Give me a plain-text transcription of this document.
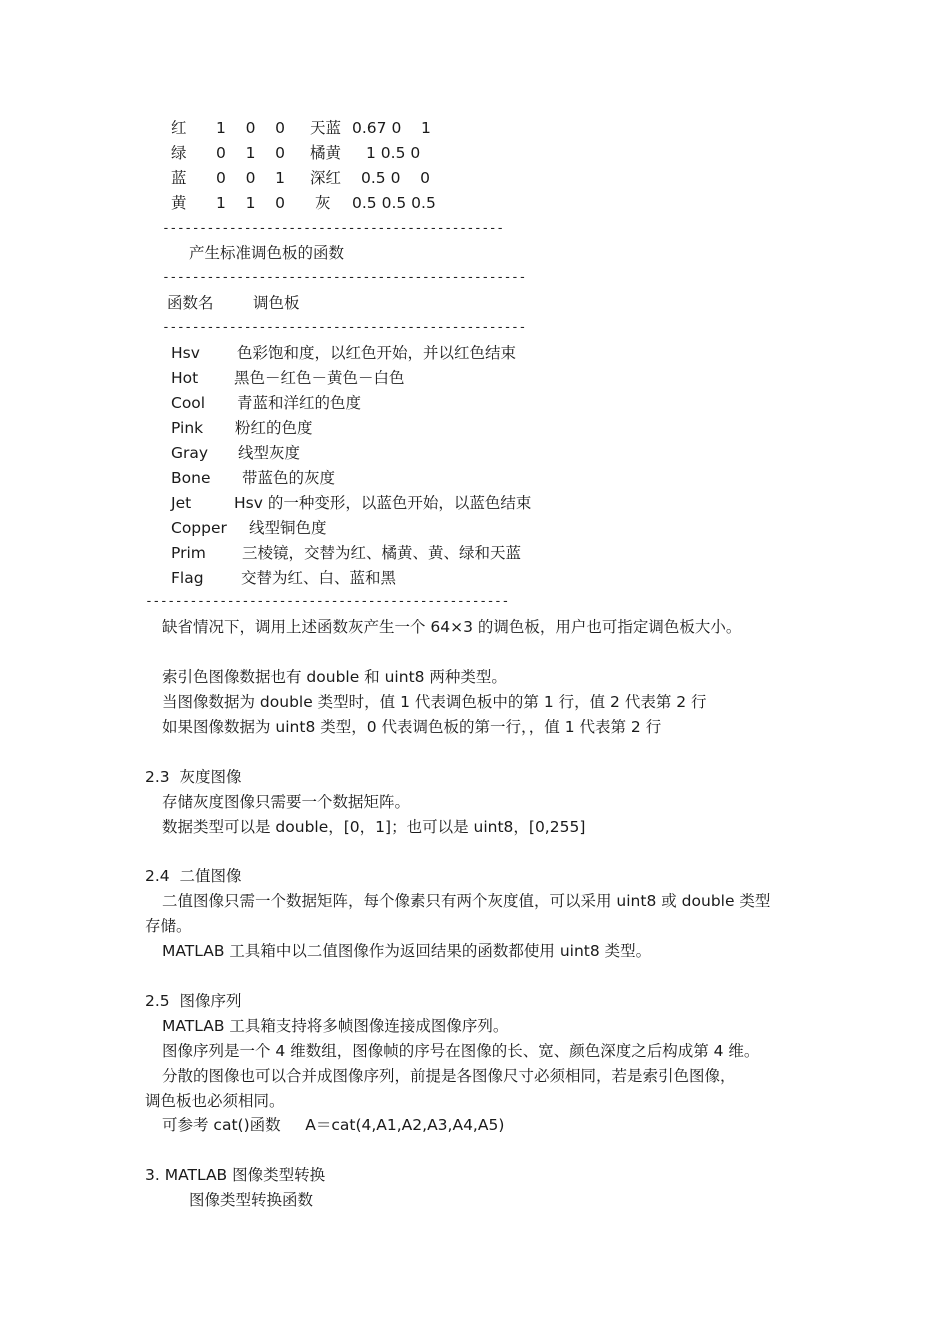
红 1    0    0 天蓝 0.67 0    1
绿 0    1    0 橘黄 1 0.5 0
蓝 0    0    1 深红 0.5 0    0
黄 1    1    0 灰 0.5 0.5 0.5
----------------------------------------------
产生标准调色板的函数
-------------------------------------------------
函数名	调色板
-------------------------------------------------
Hsv 色彩饱和度，以红色开始，并以红色结束
Hot 黑色－红色－黄色－白色
Cool 青蓝和洋红的色度
Pink 粉红的色度
Gray 线型灰度
Bone 带蓝色的灰度
Jet	Hsv 的一种变形，以蓝色开始，以蓝色结束
Copper 线型铜色度
Prim 三棱镜，交替为红、橘黄、黄、绿和天蓝
Flag 交替为红、白、蓝和黑
-------------------------------------------------
缺省情况下，调用上述函数灰产生一个 64×3 的调色板，用户也可指定调色板大小。
索引色图像数据也有 double 和 uint8 两种类型。
当图像数据为 double 类型时，值 1 代表调色板中的第 1 行，值 2 代表第 2 行
如果图像数据为 uint8 类型，0 代表调色板的第一行，，值 1 代表第 2 行
2.3  灰度图像
存储灰度图像只需要一个数据矩阵。
数据类型可以是 double，[0，1]；也可以是 uint8，[0,255]
2.4  二值图像
二值图像只需一个数据矩阵，每个像素只有两个灰度值，可以采用 uint8 或 double 类型
存储。
MATLAB 工具箱中以二值图像作为返回结果的函数都使用 uint8 类型。
2.5  图像序列
MATLAB 工具箱支持将多帧图像连接成图像序列。
图像序列是一个 4 维数组，图像帧的序号在图像的长、宽、颜色深度之后构成第 4 维。
分散的图像也可以合并成图像序列，前提是各图像尺寸必须相同，若是索引色图像，
调色板也必须相同。
可参考 cat()函数     A＝cat(4,A1,A2,A3,A4,A5)
3. MATLAB 图像类型转换
图像类型转换函数
